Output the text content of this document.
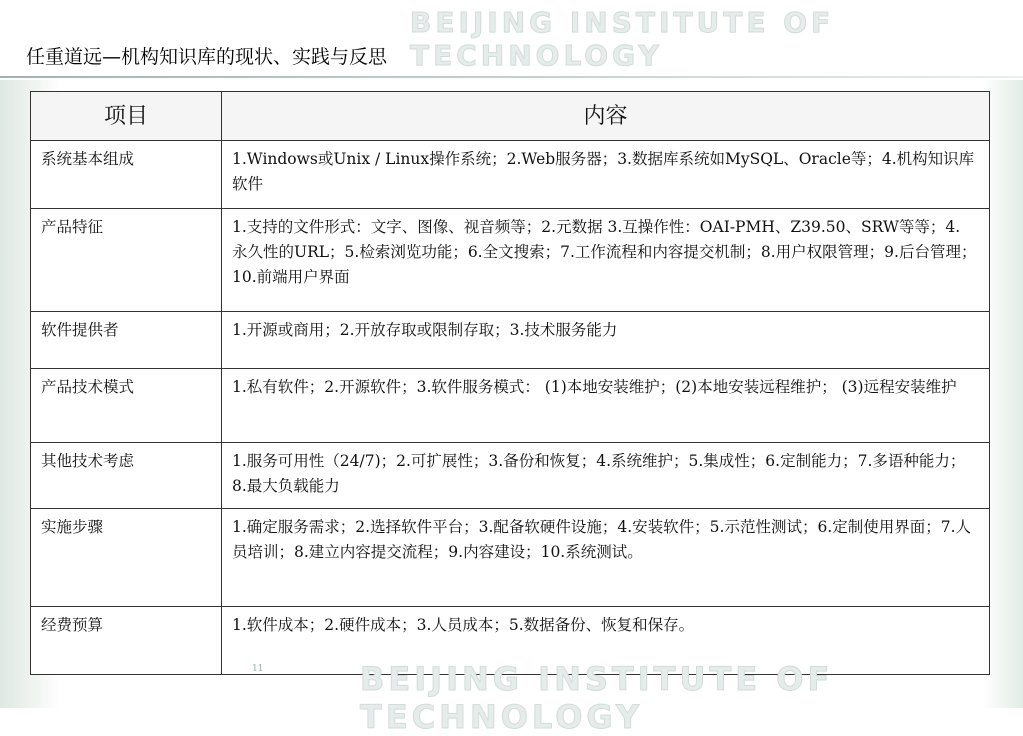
BEIJING INSTITUTE OF TECHNOLOGY
任重道远—机构知识库的现状、实践与反思
项目	内容
系统基本组成	1.Windows或Unix / Linux操作系统；2.Web服务器；3.数据库系统如MySQL、Oracle等；4.机构知识库软件
产品特征	1.支持的文件形式：文字、图像、视音频等；2.元数据 3.互操作性：OAI-PMH、Z39.50、SRW等等；4. 永久性的URL；5.检索浏览功能；6.全文搜索；7.工作流程和内容提交机制；8.用户权限管理；9.后台管理；10.前端用户界面
软件提供者	1.开源或商用；2.开放存取或限制存取；3.技术服务能力
产品技术模式	1.私有软件；2.开源软件；3.软件服务模式： (1)本地安装维护；(2)本地安装远程维护； (3)远程安装维护
其他技术考虑	1.服务可用性（24/7)；2.可扩展性；3.备份和恢复；4.系统维护；5.集成性；6.定制能力；7.多语种能力；8.最大负载能力
实施步骤	1.确定服务需求；2.选择软件平台；3.配备软硬件设施；4.安装软件；5.示范性测试；6.定制使用界面；7.人员培训；8.建立内容提交流程；9.内容建设；10.系统测试。
经费预算	1.软件成本；2.硬件成本；3.人员成本；5.数据备份、恢复和保存。
11	BEIJING INSTITUTE OF TECHNOLOGY
